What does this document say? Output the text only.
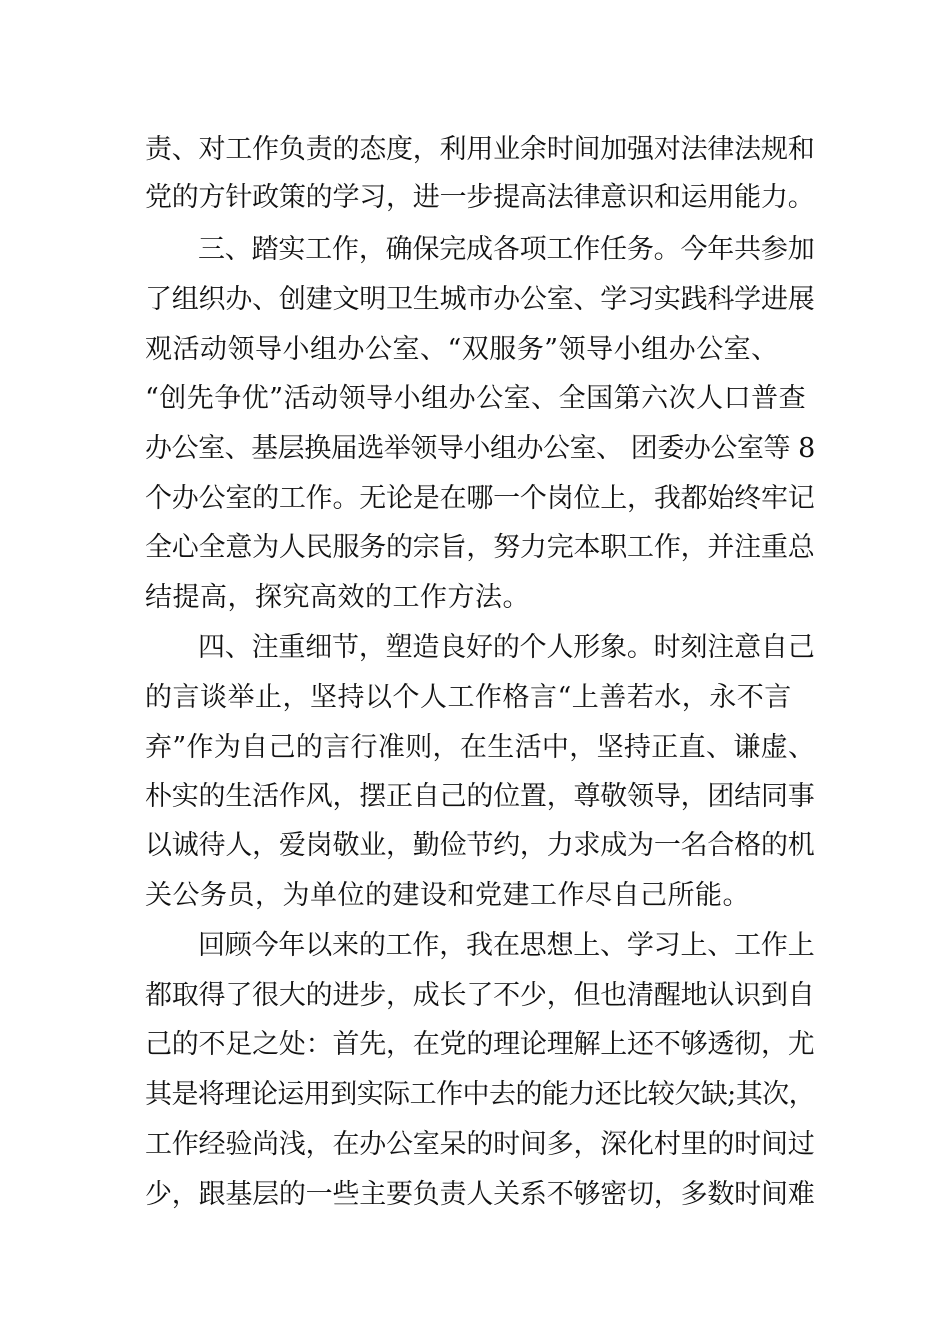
责、对工作负责的态度，利用业余时间加强对法律法规和
党的方针政策的学习，进一步提高法律意识和运用能力。
三、踏实工作，确保完成各项工作任务。今年共参加
了组织办、创建文明卫生城市办公室、学习实践科学进展
观活动领导小组办公室、“双服务”领导小组办公室、
“创先争优”活动领导小组办公室、全国第六次人口普查
办公室、基层换届选举领导小组办公室、 团委办公室等 8
个办公室的工作。无论是在哪一个岗位上，我都始终牢记
全心全意为人民服务的宗旨，努力完本职工作，并注重总
结提高，探究高效的工作方法。
四、注重细节，塑造良好的个人形象。时刻注意自己
的言谈举止，坚持以个人工作格言“上善若水，永不言
弃”作为自己的言行准则，在生活中，坚持正直、谦虚、
朴实的生活作风，摆正自己的位置，尊敬领导，团结同事
以诚待人，爱岗敬业，勤俭节约，力求成为一名合格的机
关公务员，为单位的建设和党建工作尽自己所能。
回顾今年以来的工作，我在思想上、学习上、工作上
都取得了很大的进步，成长了不少，但也清醒地认识到自
己的不足之处：首先，在党的理论理解上还不够透彻，尤
其是将理论运用到实际工作中去的能力还比较欠缺;其次，
工作经验尚浅，在办公室呆的时间多，深化村里的时间过
少，跟基层的一些主要负责人关系不够密切，多数时间难
